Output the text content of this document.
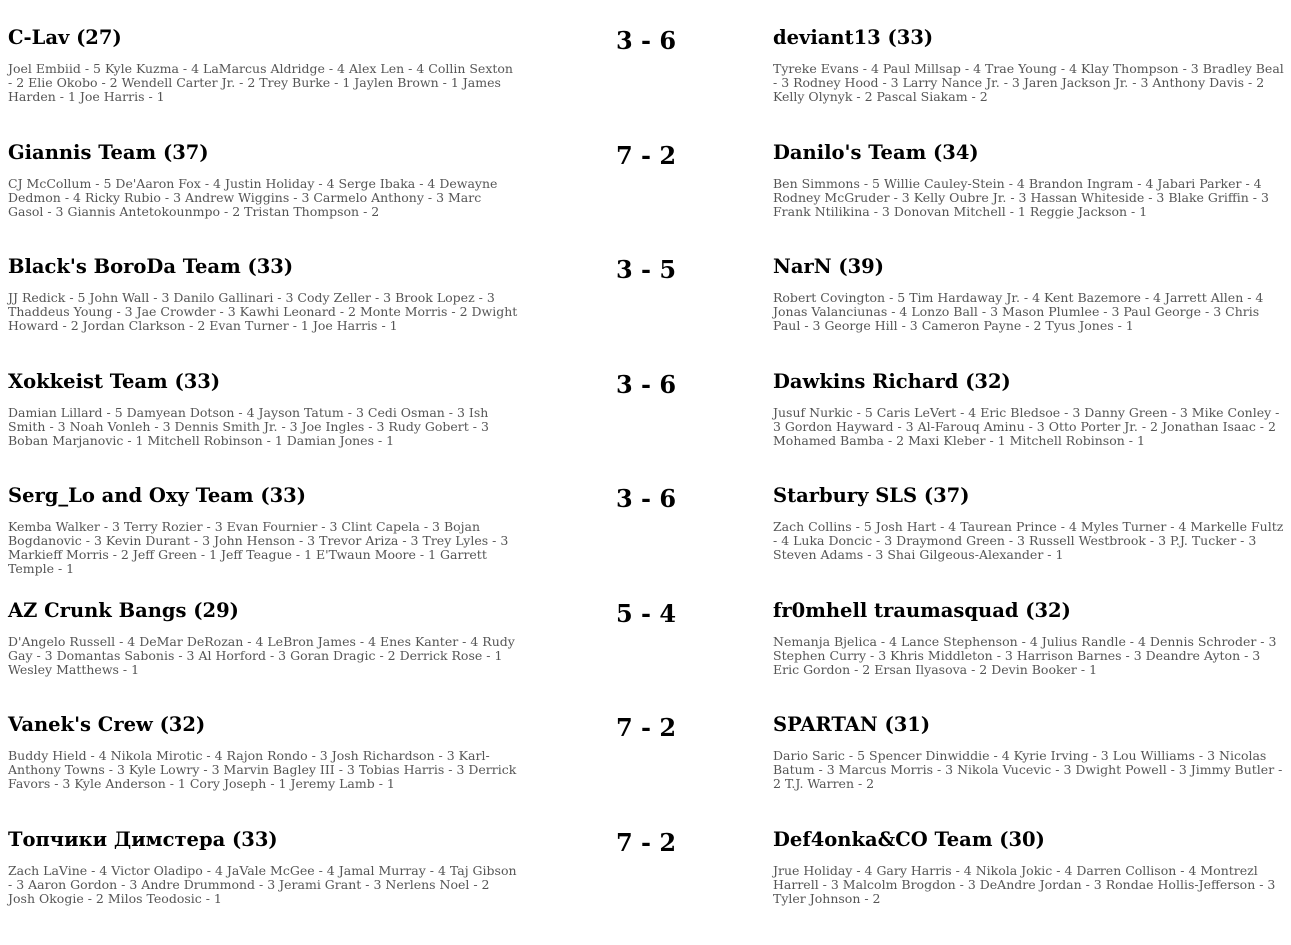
C-Lav (27)
Joel Embiid - 5 Kyle Kuzma - 4 LaMarcus Aldridge - 4 Alex Len - 4 Collin Sexton - 2 Elie Okobo - 2 Wendell Carter Jr. - 2 Trey Burke - 1 Jaylen Brown - 1 James Harden - 1 Joe Harris - 1
3 - 6	deviant13 (33)
Tyreke Evans - 4 Paul Millsap - 4 Trae Young - 4 Klay Thompson - 3 Bradley Beal - 3 Rodney Hood - 3 Larry Nance Jr. - 3 Jaren Jackson Jr. - 3 Anthony Davis - 2 Kelly Olynyk - 2 Pascal Siakam - 2
Giannis Team (37)
CJ McCollum - 5 De'Aaron Fox - 4 Justin Holiday - 4 Serge Ibaka - 4 Dewayne Dedmon - 4 Ricky Rubio - 3 Andrew Wiggins - 3 Carmelo Anthony - 3 Marc Gasol - 3 Giannis Antetokounmpo - 2 Tristan Thompson - 2
7 - 2	Danilo's Team (34)
Ben Simmons - 5 Willie Cauley-Stein - 4 Brandon Ingram - 4 Jabari Parker - 4 Rodney McGruder - 3 Kelly Oubre Jr. - 3 Hassan Whiteside - 3 Blake Griffin - 3 Frank Ntilikina - 3 Donovan Mitchell - 1 Reggie Jackson - 1
Black's BoroDa Team (33)
JJ Redick - 5 John Wall - 3 Danilo Gallinari - 3 Cody Zeller - 3 Brook Lopez - 3 Thaddeus Young - 3 Jae Crowder - 3 Kawhi Leonard - 2 Monte Morris - 2 Dwight Howard - 2 Jordan Clarkson - 2 Evan Turner - 1 Joe Harris - 1
3 - 5	NarN (39)
Robert Covington - 5 Tim Hardaway Jr. - 4 Kent Bazemore - 4 Jarrett Allen - 4 Jonas Valanciunas - 4 Lonzo Ball - 3 Mason Plumlee - 3 Paul George - 3 Chris Paul - 3 George Hill - 3 Cameron Payne - 2 Tyus Jones - 1
Xokkeist Team (33)
Damian Lillard - 5 Damyean Dotson - 4 Jayson Tatum - 3 Cedi Osman - 3 Ish Smith - 3 Noah Vonleh - 3 Dennis Smith Jr. - 3 Joe Ingles - 3 Rudy Gobert - 3 Boban Marjanovic - 1 Mitchell Robinson - 1 Damian Jones - 1
3 - 6	Dawkins Richard (32)
Jusuf Nurkic - 5 Caris LeVert - 4 Eric Bledsoe - 3 Danny Green - 3 Mike Conley - 3 Gordon Hayward - 3 Al-Farouq Aminu - 3 Otto Porter Jr. - 2 Jonathan Isaac - 2 Mohamed Bamba - 2 Maxi Kleber - 1 Mitchell Robinson - 1
Serg_Lo and Oxy Team (33)
Kemba Walker - 3 Terry Rozier - 3 Evan Fournier - 3 Clint Capela - 3 Bojan Bogdanovic - 3 Kevin Durant - 3 John Henson - 3 Trevor Ariza - 3 Trey Lyles - 3 Markieff Morris - 2 Jeff Green - 1 Jeff Teague - 1 E'Twaun Moore - 1 Garrett Temple - 1
3 - 6	Starbury SLS (37)
Zach Collins - 5 Josh Hart - 4 Taurean Prince - 4 Myles Turner - 4 Markelle Fultz - 4 Luka Doncic - 3 Draymond Green - 3 Russell Westbrook - 3 P.J. Tucker - 3 Steven Adams - 3 Shai Gilgeous-Alexander - 1
AZ Crunk Bangs (29)
D'Angelo Russell - 4 DeMar DeRozan - 4 LeBron James - 4 Enes Kanter - 4 Rudy Gay - 3 Domantas Sabonis - 3 Al Horford - 3 Goran Dragic - 2 Derrick Rose - 1 Wesley Matthews - 1
5 - 4	fr0mhell traumasquad (32)
Nemanja Bjelica - 4 Lance Stephenson - 4 Julius Randle - 4 Dennis Schroder - 3 Stephen Curry - 3 Khris Middleton - 3 Harrison Barnes - 3 Deandre Ayton - 3 Eric Gordon - 2 Ersan Ilyasova - 2 Devin Booker - 1
Vanek's Crew (32)
Buddy Hield - 4 Nikola Mirotic - 4 Rajon Rondo - 3 Josh Richardson - 3 Karl-Anthony Towns - 3 Kyle Lowry - 3 Marvin Bagley III - 3 Tobias Harris - 3 Derrick Favors - 3 Kyle Anderson - 1 Cory Joseph - 1 Jeremy Lamb - 1
7 - 2	SPARTAN (31)
Dario Saric - 5 Spencer Dinwiddie - 4 Kyrie Irving - 3 Lou Williams - 3 Nicolas Batum - 3 Marcus Morris - 3 Nikola Vucevic - 3 Dwight Powell - 3 Jimmy Butler - 2 T.J. Warren - 2
Топчики Димстера (33)
Zach LaVine - 4 Victor Oladipo - 4 JaVale McGee - 4 Jamal Murray - 4 Taj Gibson - 3 Aaron Gordon - 3 Andre Drummond - 3 Jerami Grant - 3 Nerlens Noel - 2 Josh Okogie - 2 Milos Teodosic - 1
7 - 2	Def4onka&CO Team (30)
Jrue Holiday - 4 Gary Harris - 4 Nikola Jokic - 4 Darren Collison - 4 Montrezl Harrell - 3 Malcolm Brogdon - 3 DeAndre Jordan - 3 Rondae Hollis-Jefferson - 3 Tyler Johnson - 2
